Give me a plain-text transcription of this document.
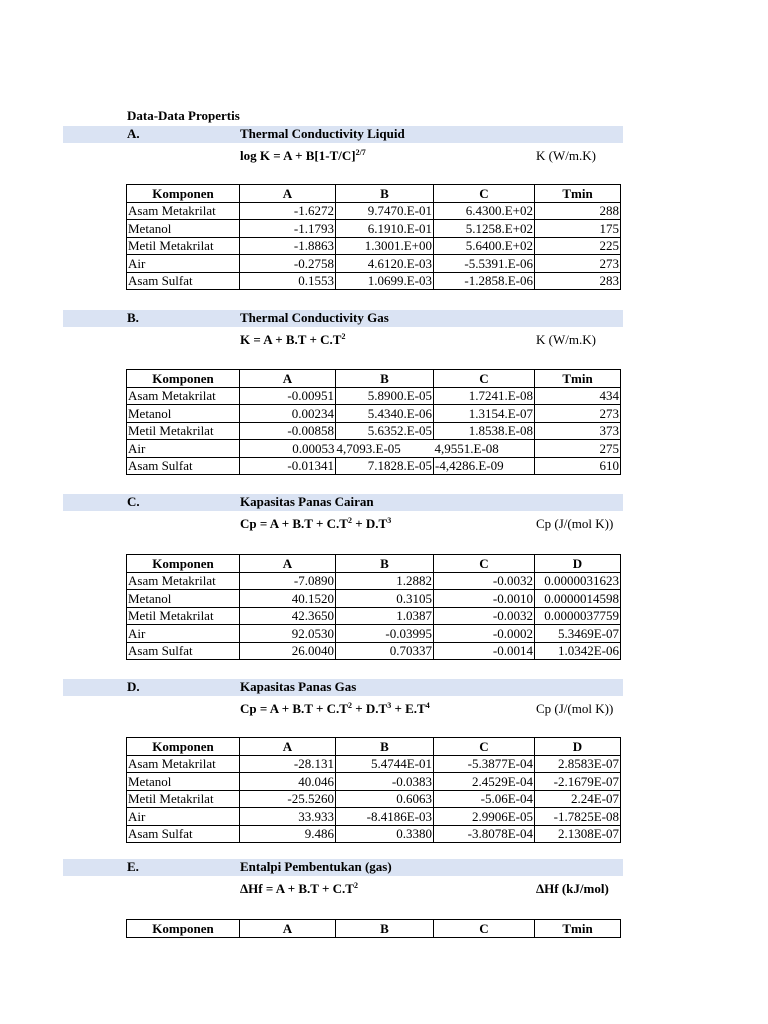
Data-Data Propertis
A.	Thermal Conductivity Liquid
$\log K = A + B[1-T/C]^{2/7}$	K (W/m.K)
Komponen	A	B	C	Tmin
Asam Metakrilat	-1.6272	9.7470.E-01	6.4300.E+02	288
Metanol	-1.1793	6.1910.E-01	5.1258.E+02	175
Metil Metakrilat	-1.8863	1.3001.E+00	5.6400.E+02	225
Air	-0.2758	4.6120.E-03	-5.5391.E-06	273
Asam Sulfat	0.1553	1.0699.E-03	-1.2858.E-06	283
B.	Thermal Conductivity Gas
$K = A + B.T + C.T^2$	K (W/m.K)
Komponen	A	B	C	Tmin
Asam Metakrilat	-0.00951	5.8900.E-05	1.7241.E-08	434
Metanol	0.00234	5.4340.E-06	1.3154.E-07	273
Metil Metakrilat	-0.00858	5.6352.E-05	1.8538.E-08	373
Air	0.00053	4,7093.E-05	4,9551.E-08	275
Asam Sulfat	-0.01341	7.1828.E-05	-4,4286.E-09	610
C.	Kapasitas Panas Cairan
$Cp = A + B.T + C.T^2 + D.T^3$	Cp (J/(mol K))
Komponen	A	B	C	D
Asam Metakrilat	-7.0890	1.2882	-0.0032	0.0000031623
Metanol	40.1520	0.3105	-0.0010	0.0000014598
Metil Metakrilat	42.3650	1.0387	-0.0032	0.0000037759
Air	92.0530	-0.03995	-0.0002	5.3469E-07
Asam Sulfat	26.0040	0.70337	-0.0014	1.0342E-06
D.	Kapasitas Panas Gas
$Cp = A + B.T + C.T^2 + D.T^3 + E.T^4$	Cp (J/(mol K))
Komponen	A	B	C	D
Asam Metakrilat	-28.131	5.4744E-01	-5.3877E-04	2.8583E-07
Metanol	40.046	-0.0383	2.4529E-04	-2.1679E-07
Metil Metakrilat	-25.5260	0.6063	-5.06E-04	2.24E-07
Air	33.933	-8.4186E-03	2.9906E-05	-1.7825E-08
Asam Sulfat	9.486	0.3380	-3.8078E-04	2.1308E-07
E.	Entalpi Pembentukan (gas)
$\Delta Hf = A + B.T + C.T^2$	ΔHf (kJ/mol)
Komponen	A	B	C	Tmin
